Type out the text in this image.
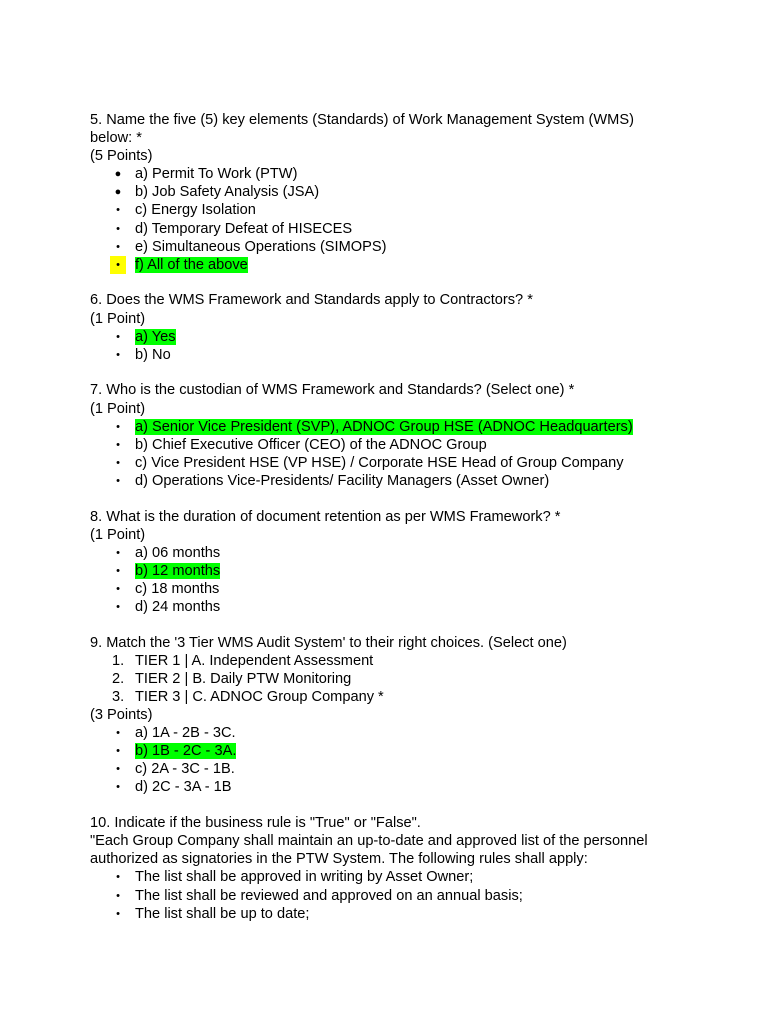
5. Name the five (5) key elements (Standards) of Work Management System (WMS) below: *
(5 Points)
● a) Permit To Work (PTW)
● b) Job Safety Analysis (JSA)
• c) Energy Isolation
• d) Temporary Defeat of HISECES
• e) Simultaneous Operations (SIMOPS)
•	f) All of the above
6. Does the WMS Framework and Standards apply to Contractors? *
(1 Point)
• a) Yes
• b) No
7. Who is the custodian of WMS Framework and Standards? (Select one) *
(1 Point)
• a) Senior Vice President (SVP), ADNOC Group HSE (ADNOC Headquarters)
• b) Chief Executive Officer (CEO) of the ADNOC Group
• c) Vice President HSE (VP HSE) / Corporate HSE Head of Group Company
• d) Operations Vice-Presidents/ Facility Managers (Asset Owner)
8. What is the duration of document retention as per WMS Framework? *
(1 Point)
• a) 06 months
• b) 12 months
• c) 18 months
• d) 24 months
9. Match the '3 Tier WMS Audit System' to their right choices. (Select one)
1. TIER 1 | A. Independent Assessment
2. TIER 2 | B. Daily PTW Monitoring
3. TIER 3 | C. ADNOC Group Company *
(3 Points)
• a) 1A - 2B - 3C.
• b) 1B - 2C - 3A.
• c) 2A - 3C - 1B.
• d) 2C - 3A - 1B
10. Indicate if the business rule is "True" or "False".
"Each Group Company shall maintain an up-to-date and approved list of the personnel authorized as signatories in the PTW System. The following rules shall apply:
• The list shall be approved in writing by Asset Owner;
• The list shall be reviewed and approved on an annual basis;
• The list shall be up to date;
